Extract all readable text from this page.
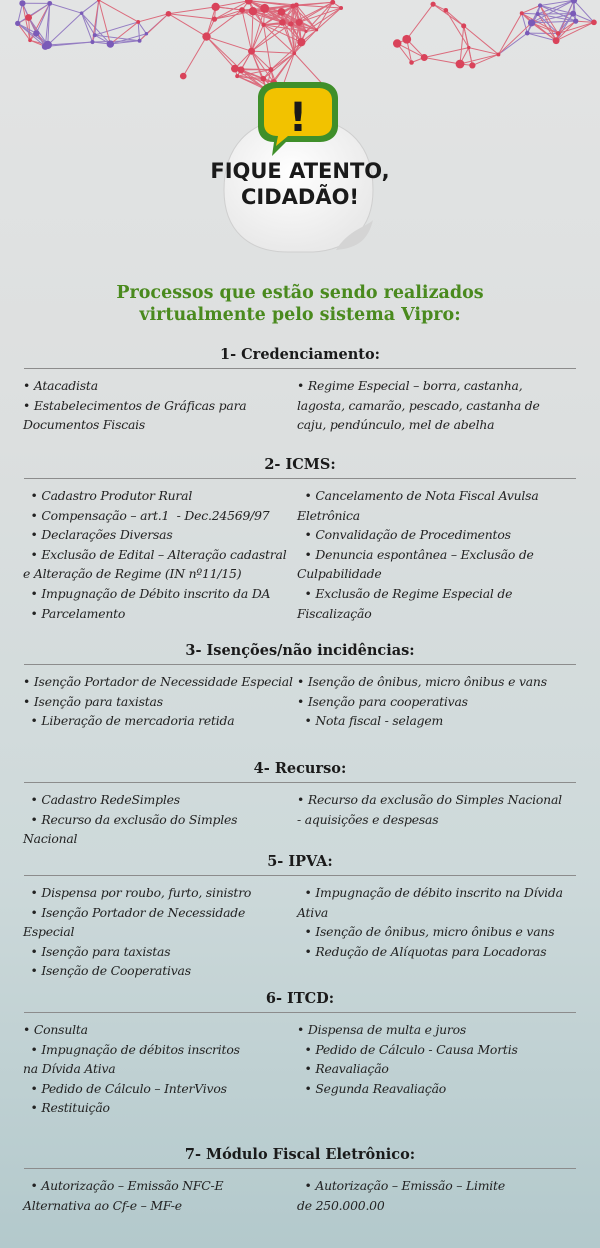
!
FIQUE ATENTO,
CIDADÃO!
Processos que estão sendo realizados
virtualmente pelo sistema Vipro:
1- Credenciamento:

• Atacadista

• Estabelecimentos de Gráficas para

Documentos Fiscais

• Regime Especial – borra, castanha,

lagosta, camarão, pescado, castanha de

caju, pendúnculo, mel de abelha

2- ICMS:

• Cadastro Produtor Rural

• Compensação – art.1  - Dec.24569/97

• Declarações Diversas

• Exclusão de Edital – Alteração cadastral

e Alteração de Regime (IN nº11/15)

• Impugnação de Débito inscrito da DA

• Parcelamento

• Cancelamento de Nota Fiscal Avulsa

Eletrônica

• Convalidação de Procedimentos

• Denuncia espontânea – Exclusão de

Culpabilidade

• Exclusão de Regime Especial de Fiscalização

3- Isenções/não incidências:

• Isenção Portador de Necessidade Especial

• Isenção para taxistas

• Liberação de mercadoria retida

• Isenção de ônibus, micro ônibus e vans

• Isenção para cooperativas

• Nota fiscal - selagem

4- Recurso:

• Cadastro RedeSimples

• Recurso da exclusão do Simples Nacional

• Recurso da exclusão do Simples Nacional

- aquisições e despesas

5- IPVA:

• Dispensa por roubo, furto, sinistro

• Isenção Portador de Necessidade Especial

• Isenção para taxistas

• Isenção de Cooperativas

• Impugnação de débito inscrito na Dívida

Ativa

• Isenção de ônibus, micro ônibus e vans

• Redução de Alíquotas para Locadoras

6- ITCD:

• Consulta

• Impugnação de débitos inscritos

na Dívida Ativa

• Pedido de Cálculo – InterVivos

• Restituição

• Dispensa de multa e juros

• Pedido de Cálculo - Causa Mortis

• Reavaliação

• Segunda Reavaliação

7- Módulo Fiscal Eletrônico:

• Autorização – Emissão NFC-E

Alternativa ao Cf-e – MF-e

• Autorização – Emissão – Limite

de 250.000.00
